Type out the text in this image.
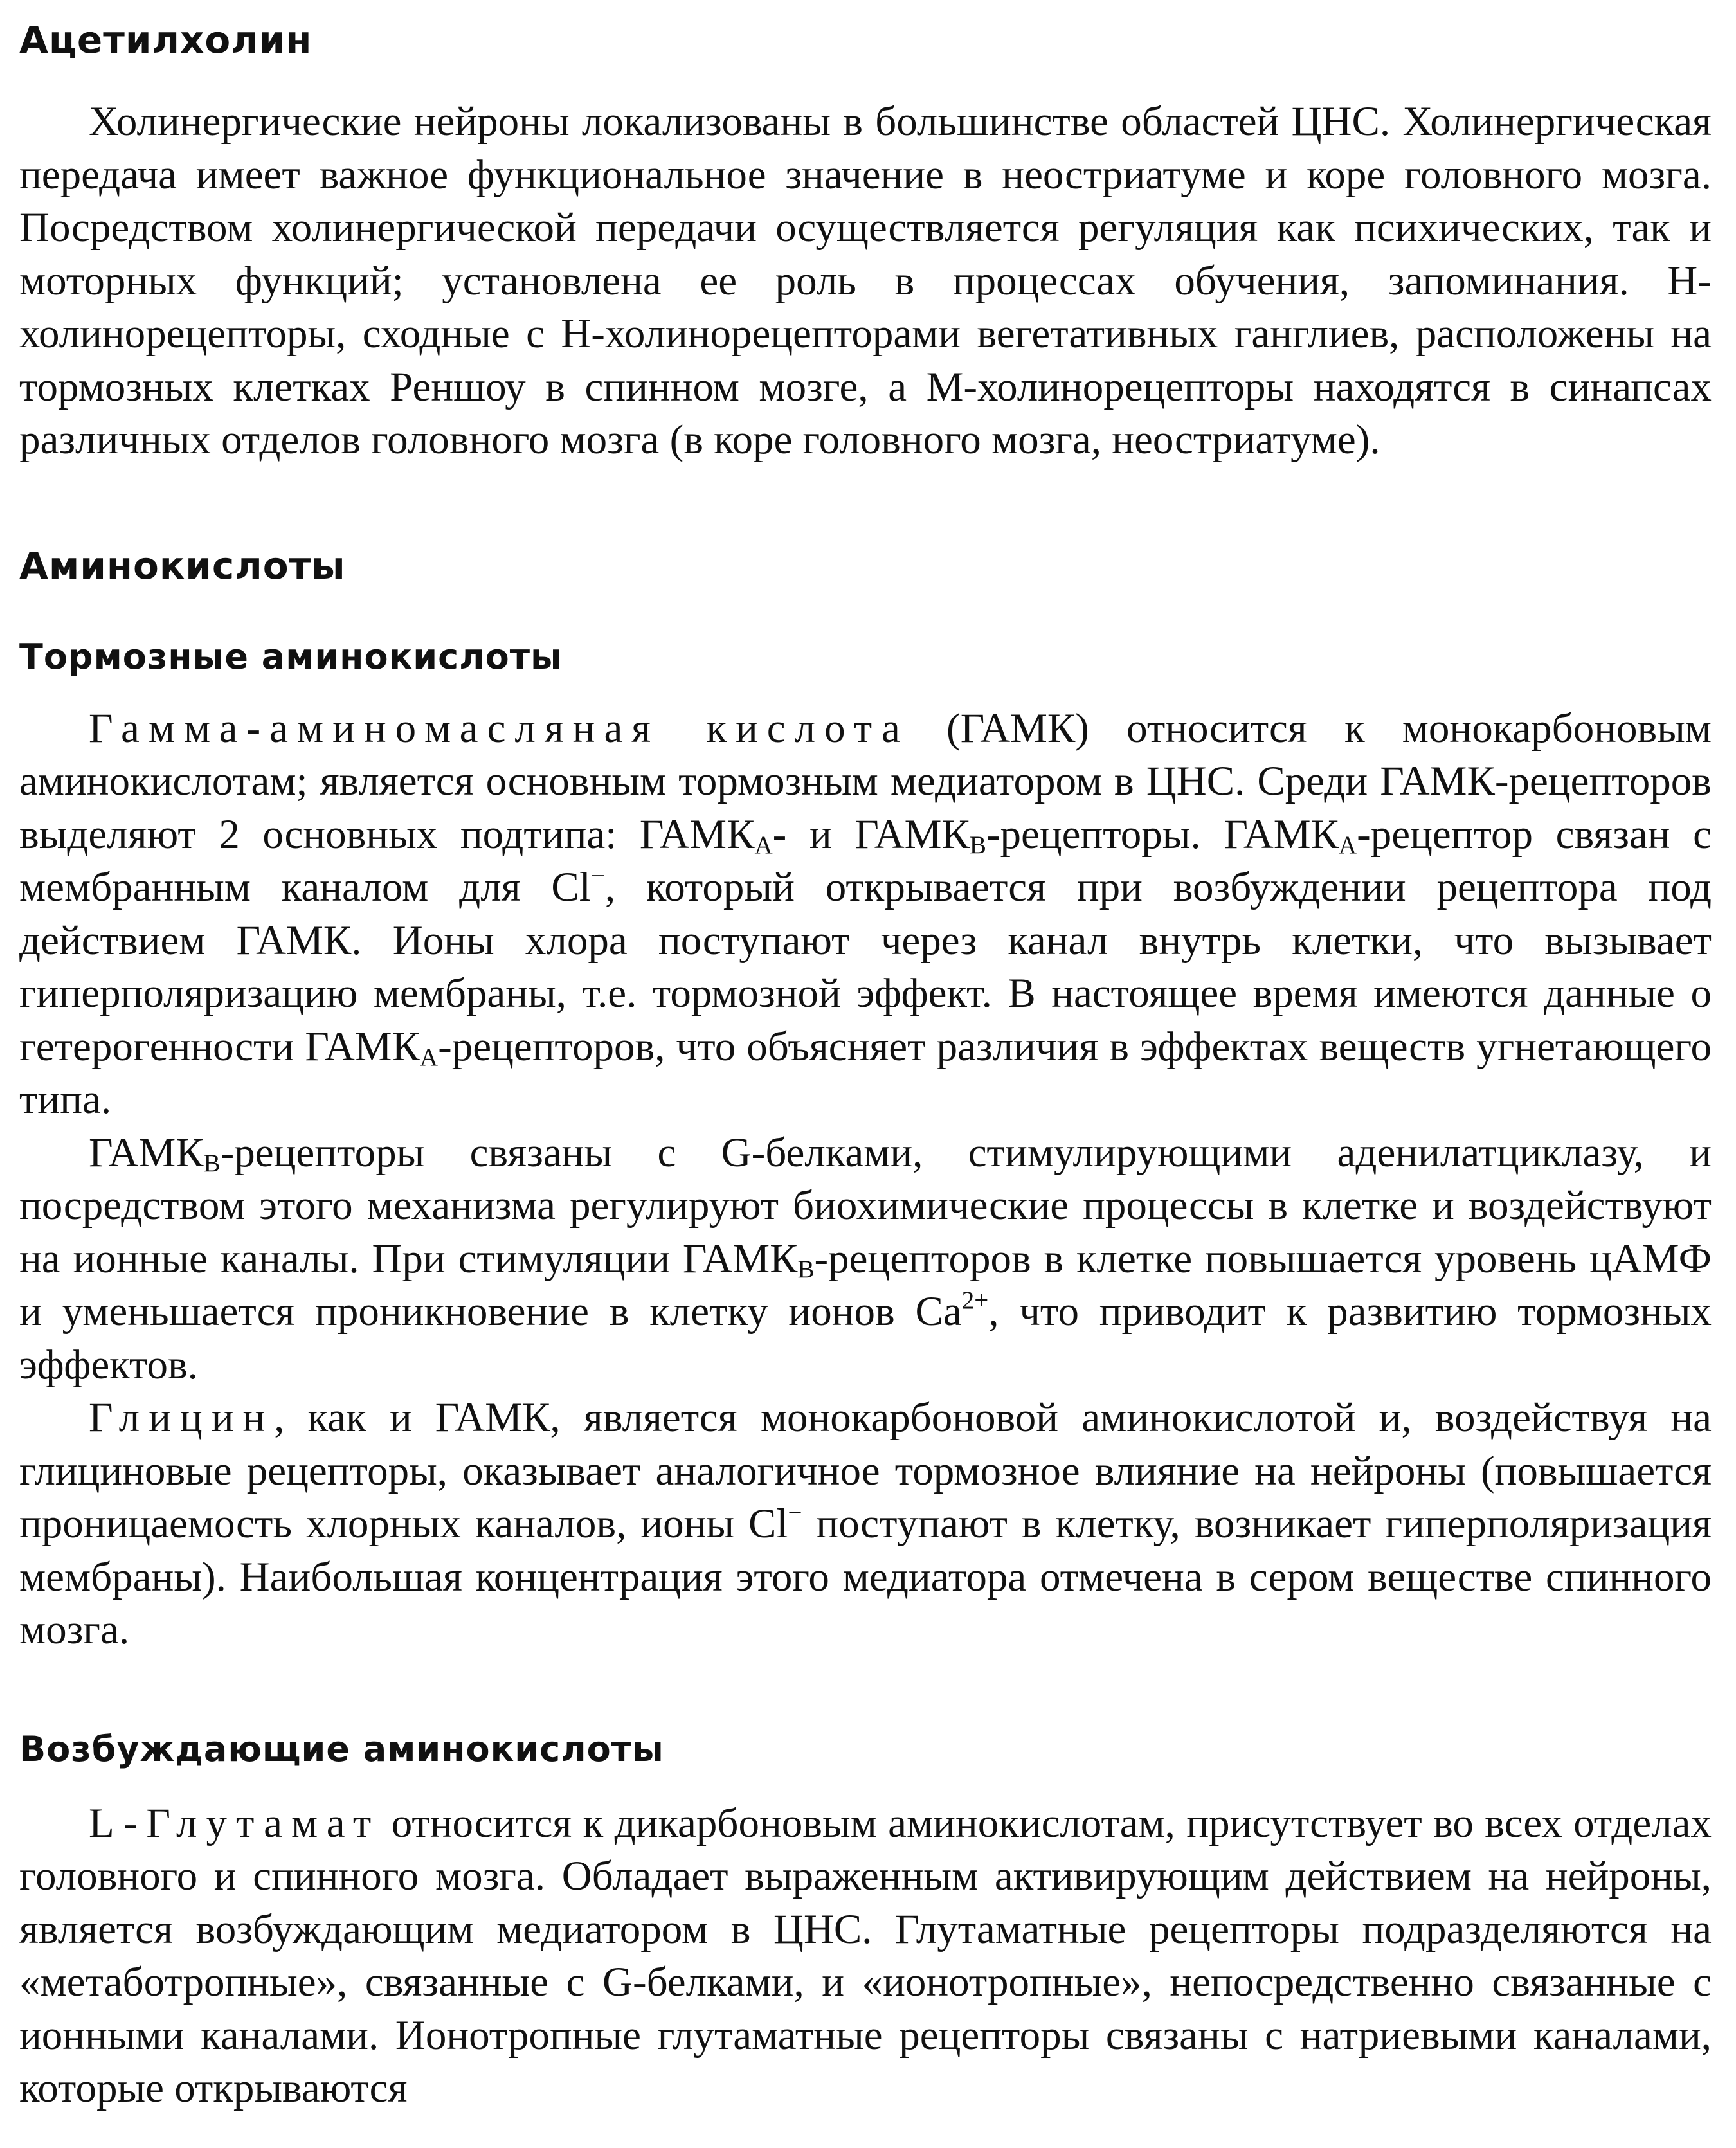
Ацетилхолин

Холинергические нейроны локализованы в большинстве областей ЦНС. Холинергическая передача имеет важное функциональное значение в неостриатуме и коре головного мозга. Посредством холинергической передачи осуществляется регуляция как психических, так и моторных функций; установлена ее роль в процессах обучения, запоминания. Н-холинорецепторы, сходные с Н-холинорецепторами вегетативных ганглиев, расположены на тормозных клетках Реншоу в спинном мозге, а М-холинорецепторы находятся в синапсах различных отделов головного мозга (в коре головного мозга, неостриатуме).

Аминокислоты
Тормозные аминокислоты

Гамма-аминомасляная кислота (ГАМК) относится к монокарбоновым аминокислотам; является основным тормозным медиатором в ЦНС. Среди ГАМК-рецепторов выделяют 2 основных подтипа: $ГАМК_А-$ и $ГАМК_В$-рецепторы. $ГАМК_А$-рецептор связан с мембранным каналом для Cl−, который открывается при возбуждении рецептора под действием ГАМК. Ионы хлора поступают через канал внутрь клетки, что вызывает гиперполяризацию мембраны, т.е. тормозной эффект. В настоящее время имеются данные о гетерогенности $ГАМК_А$-рецепторов, что объясняет различия в эффектах веществ угнетающего типа.

$ГАМК_В$-рецепторы связаны с G-белками, стимулирующими аденилатциклазу, и посредством этого механизма регулируют биохимические процессы в клетке и воздействуют на ионные каналы. При стимуляции $ГАМК_В$-рецепторов в клетке повышается уровень цАМФ и уменьшается проникновение в клетку ионов $Ca^{2+}$, что приводит к развитию тормозных эффектов.

Глицин, как и ГАМК, является монокарбоновой аминокислотой и, воздействуя на глициновые рецепторы, оказывает аналогичное тормозное влияние на нейроны (повышается проницаемость хлорных каналов, ионы Cl− поступают в клетку, возникает гиперполяризация мембраны). Наибольшая концентрация этого медиатора отмечена в сером веществе спинного мозга.

Возбуждающие аминокислоты

L-Глутамат относится к дикарбоновым аминокислотам, присутствует во всех отделах головного и спинного мозга. Обладает выраженным активирующим действием на нейроны, является возбуждающим медиатором в ЦНС. Глутаматные рецепторы подразделяются на «метаботропные», связанные с G-белками, и «ионотропные», непосредственно связанные с ионными каналами. Ионотропные глутаматные рецепторы связаны с натриевыми каналами, которые открываются
